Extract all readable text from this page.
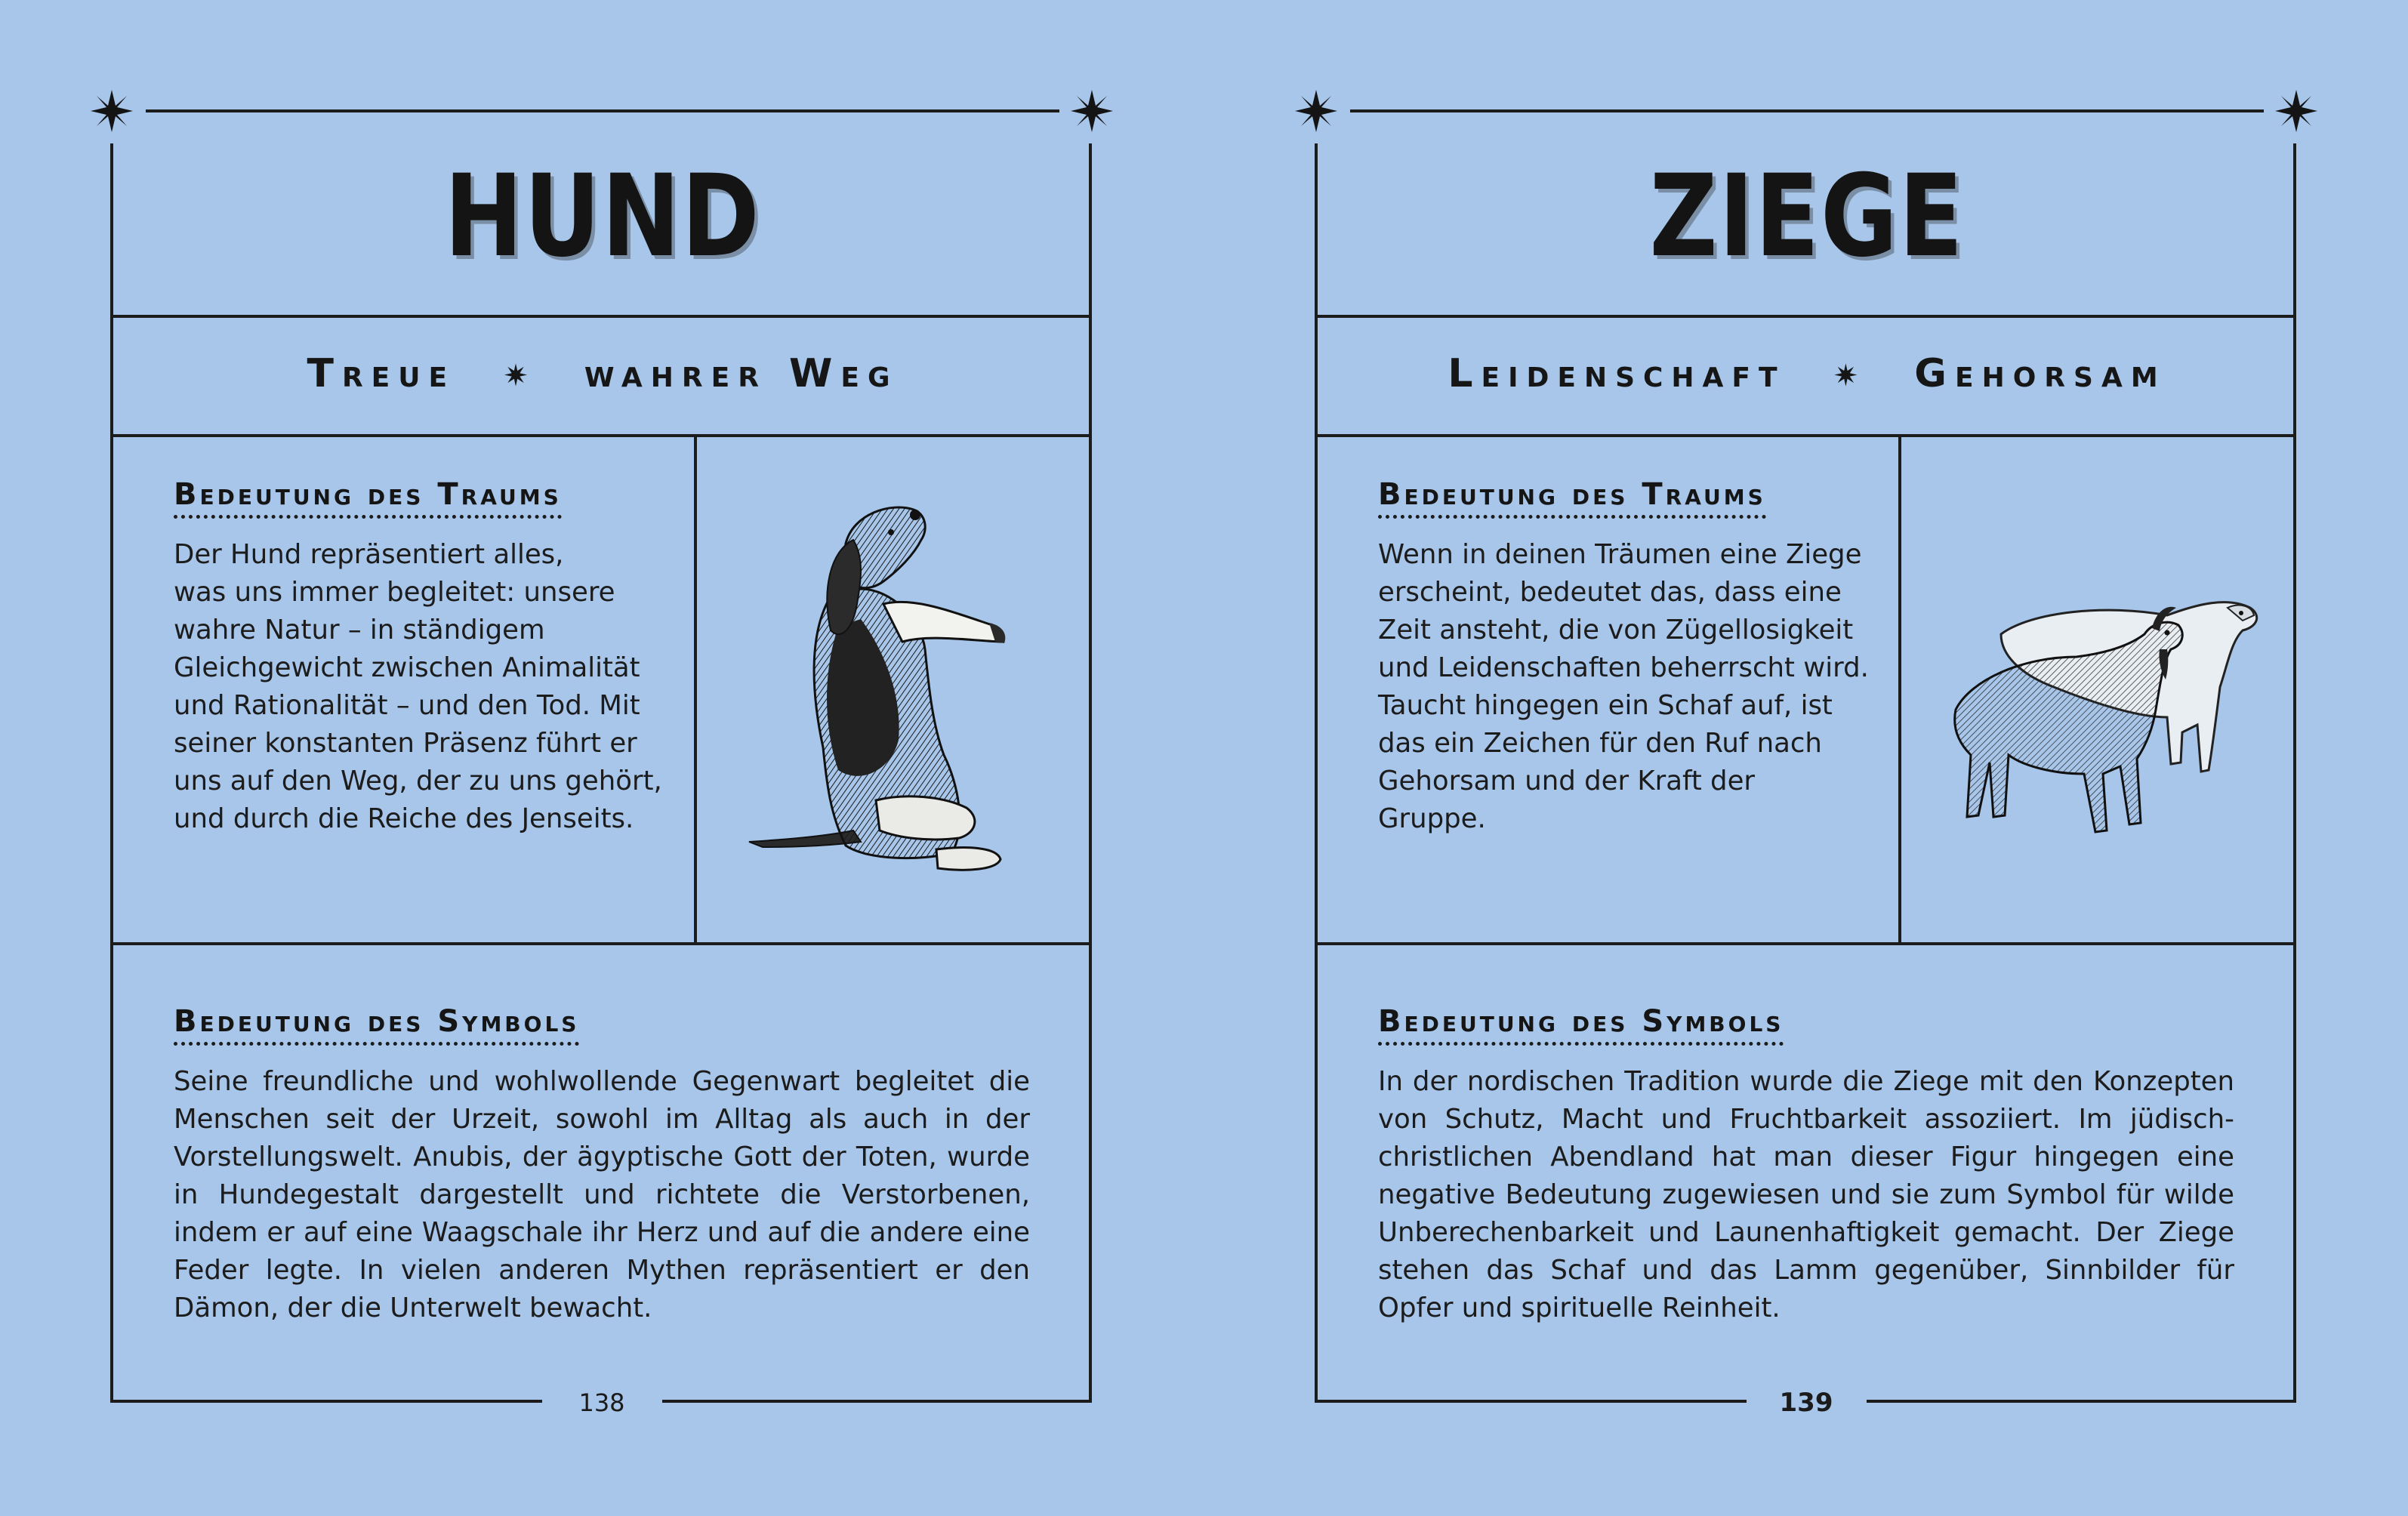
HUND
Treue ✷ wahrer Weg
Bedeutung des Traums
Der Hund repräsentiert alles,
was uns immer begleitet: unsere
wahre Natur – in ständigem
Gleichgewicht zwischen Animalität
und Rationalität – und den Tod. Mit
seiner konstanten Präsenz führt er
uns auf den Weg, der zu uns gehört,
und durch die Reiche des Jenseits.
Bedeutung des Symbols
Seine freundliche und wohlwollende Gegenwart begleitet die Menschen seit der Urzeit, sowohl im Alltag als auch in der Vorstellungswelt. Anubis, der ägyptische Gott der Toten, wurde in Hundegestalt dargestellt und richtete die Verstorbenen, indem er auf eine Waagschale ihr Herz und auf die andere eine Feder legte. In vielen anderen Mythen repräsentiert er den Dämon, der die Unterwelt bewacht.
138
ZIEGE
Leidenschaft ✷ Gehorsam
Bedeutung des Traums
Wenn in deinen Träumen eine Ziege
erscheint, bedeutet das, dass eine
Zeit ansteht, die von Zügellosigkeit
und Leidenschaften beherrscht wird.
Taucht hingegen ein Schaf auf, ist
das ein Zeichen für den Ruf nach
Gehorsam und der Kraft der Gruppe.
Bedeutung des Symbols
In der nordischen Tradition wurde die Ziege mit den Konzepten von Schutz, Macht und Fruchtbarkeit assoziiert. Im jüdisch-christlichen Abendland hat man dieser Figur hingegen eine negative Bedeutung zugewiesen und sie zum Symbol für wilde Unberechenbarkeit und Launenhaftigkeit gemacht. Der Ziege stehen das Schaf und das Lamm gegenüber, Sinnbilder für Opfer und spirituelle Reinheit.
139
